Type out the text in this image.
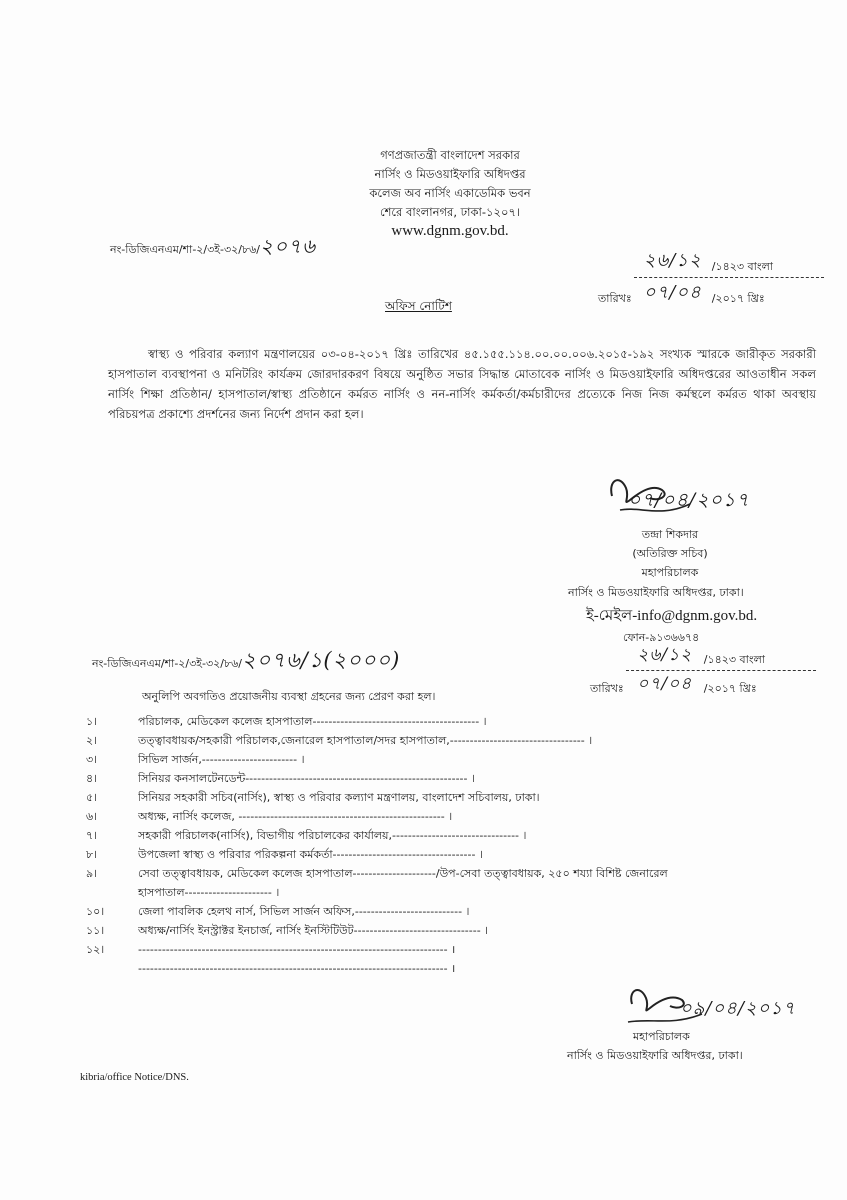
গণপ্রজাতন্ত্রী বাংলাদেশ সরকার
নার্সিং ও মিডওয়াইফারি অধিদপ্তর
কলেজ অব নার্সিং একাডেমিক ভবন
শেরে বাংলানগর, ঢাকা-১২০৭।
www.dgnm.gov.bd.
নং-ডিজিএনএম/শা-২/৩ই-৩২/৮৬/২০৭৬
তারিখঃ
২৬/১২ /১৪২৩ বাংলা
০৭/০৪ /২০১৭ খ্রিঃ
অফিস নোটিশ
স্বাস্থ্য ও পরিবার কল্যাণ মন্ত্রণালয়ের ০৩-০৪-২০১৭ খ্রিঃ তারিখের ৪৫.১৫৫.১১৪.০০.০০.০০৬.২০১৫-১৯২ সংখ্যক স্মারকে জারীকৃত সরকারী হাসপাতাল ব্যবস্থাপনা ও মনিটরিং কার্যক্রম জোরদারকরণ বিষয়ে অনুষ্ঠিত সভার সিদ্ধান্ত মোতাবেক নার্সিং ও মিডওয়াইফারি অধিদপ্তরের আওতাধীন সকল নার্সিং শিক্ষা প্রতিষ্ঠান/ হাসপাতাল/স্বাস্থ্য প্রতিষ্ঠানে কর্মরত নার্সিং ও নন-নার্সিং কর্মকর্তা/কর্মচারীদের প্রত্যেকে নিজ নিজ কর্মস্থলে কর্মরত থাকা অবস্থায় পরিচয়পত্র প্রকাশ্যে প্রদর্শনের জন্য নির্দেশ প্রদান করা হল।
০৭/০৪/২০১৭
তন্দ্রা শিকদার
(অতিরিক্ত সচিব)
মহাপরিচালক
নার্সিং ও মিডওয়াইফারি অধিদপ্তর, ঢাকা।
ই-মেইল-info@dgnm.gov.bd.
ফোন-৯১৩৬৬৭৪
নং-ডিজিএনএম/শা-২/৩ই-৩২/৮৬/২০৭৬/১(২০০০)
তারিখঃ
২৬/১২	/১৪২৩ বাংলা
০৭/০৪	/২০১৭ খ্রিঃ
অনুলিপি অবগতিও প্রয়োজনীয় ব্যবস্থা গ্রহনের জন্য প্রেরণ করা হল।
১।	পরিচালক, মেডিকেল কলেজ হাসপাতাল------------------------------------------ ।
২।	তত্ত্বাবধায়ক/সহকারী পরিচালক,জেনারেল হাসপাতাল/সদর হাসপাতাল,---------------------------------- ।
৩।	সিভিল সার্জন,------------------------ ।
৪।	সিনিয়র কনসালটেনডেন্ট-------------------------------------------------------- ।
৫।	সিনিয়র সহকারী সচিব(নার্সিং), স্বাস্থ্য ও পরিবার কল্যাণ মন্ত্রণালয়, বাংলাদেশ সচিবালয়, ঢাকা।
৬।	অধ্যক্ষ, নার্সিং কলেজ, ---------------------------------------------------- ।
৭।	সহকারী পরিচালক(নার্সিং), বিভাগীয় পরিচালকের কার্যালয়,-------------------------------- ।
৮।	উপজেলা স্বাস্থ্য ও পরিবার পরিকল্পনা কর্মকর্তা------------------------------------ ।
৯।	সেবা তত্ত্বাবধায়ক, মেডিকেল কলেজ হাসপাতাল---------------------/উপ-সেবা তত্ত্বাবধায়ক, ২৫০ শয্যা বিশিষ্ট জেনারেল
হাসপাতাল---------------------- ।
১০।	জেলা পাবলিক হেলথ নার্স, সিভিল সার্জন অফিস,--------------------------- ।
১১।	অধ্যক্ষ/নার্সিং ইনস্ট্রাক্টর ইনচার্জ, নার্সিং ইনস্টিটিউট-------------------------------- ।
১২।	------------------------------------------------------------------------------ ।
------------------------------------------------------------------------------ ।
০৯/০৪/২০১৭
মহাপরিচালক
নার্সিং ও মিডওয়াইফারি অধিদপ্তর, ঢাকা।
kibria/office Notice/DNS.
